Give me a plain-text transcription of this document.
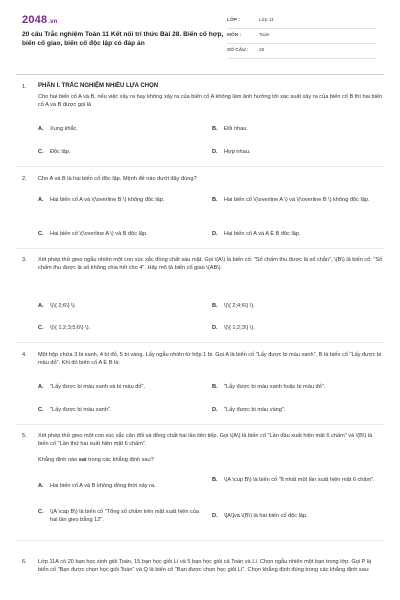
2048.vn
20 câu Trắc nghiệm Toán 11 Kết nối tri thức Bài 28. Biến cố hợp, biến cố giao, biến cố độc lập có đáp án
LỚP :	Lớp 11
MÔN :	Toán
SỐ CÂU :	25
1. PHẦN I. TRẮC NGHIỆM NHIỀU LỰA CHỌN
Cho hai biến cố A và B, nếu việc xảy ra hay không xảy ra của biến cố A không làm ảnh hưởng tới xác suất xảy ra của biến cố B thì hai biến cố A và B được gọi là
A.	Xung khắc.	B.	Đối nhau.
C.	Độc lập.	D.	Hợp nhau.
2. Cho A và B là hai biến cố độc lập. Mệnh đề nào dưới đây đúng?
A.	Hai biến cố A và \(\overline B \) không độc lập.	B.	Hai biến cố \(\overline A \) và \(\overline B \) không độc lập.
C.	Hai biến cố \(\overline A \) và B độc lập.	D.	Hai biến cố A và A È B độc lập.
3. Xét phép thử gieo ngẫu nhiên một con xúc xắc đồng chất sáu mặt. Gọi \(A\) là biến cố: "Số chấm thu được là số chẵn", \(B\) là biến cố: "Số chấm thu được là số không chia hết cho 4". Hãy mô tả biến cố giao \(AB\).
A.	\(\{ 2;6\} \).	B.	\(\{ 2;4;6\} \).
C.	\(\{ 1;2;3;5;6\} \).	D.	\(\{ 1;2;3\} \).
4. Một hộp chứa 3 bi xanh, 4 bi đỏ, 5 bi vàng. Lấy ngẫu nhiên từ hộp 1 bi. Gọi A là biến cố "Lấy được bi màu xanh", B là biến cố "Lấy được bi màu đỏ". Khi đó biến cố A È B là:
A.	"Lấy được bi màu xanh và bi màu đỏ".	B.	"Lấy được bi màu xanh hoặc bi màu đỏ".
C.	"Lấy được bi màu xanh".	D.	"Lấy được bi màu vàng".
5. Xét phép thử gieo một con xúc xắc cân đối và đồng chất hai lần liên tiếp. Gọi \(A\) là biến cố "Lần đầu xuất hiện mặt 6 chấm" và \(B\) là biến cố "Lần thứ hai xuất hiện mặt 6 chấm".
Khẳng định nào sai trong các khẳng định sau?
A.	Hai biến cố A và B không đồng thời xảy ra.
B.	\(A \cup B\) là biến cố "Ít nhất một lần xuất hiện mặt 6 chấm".
C.	\(A \cap B\) là biến cố "Tổng số chấm trên mặt xuất hiện của hai lần gieo bằng 12".
D.	\[A\]và \(B\) là hai biến cố độc lập.
6. Lớp 11A có 20 bạn học sinh giỏi Toán, 15 bạn học giỏi Lí và 5 bạn học giỏi cả Toán và Lí. Chọn ngẫu nhiên một bạn trong lớp. Gọi P là biến cố "Bạn được chọn học giỏi Toán" và Q là biến cố "Bạn được chọn học giỏi Lí". Chọn khẳng định đúng trong các khẳng định sau:
